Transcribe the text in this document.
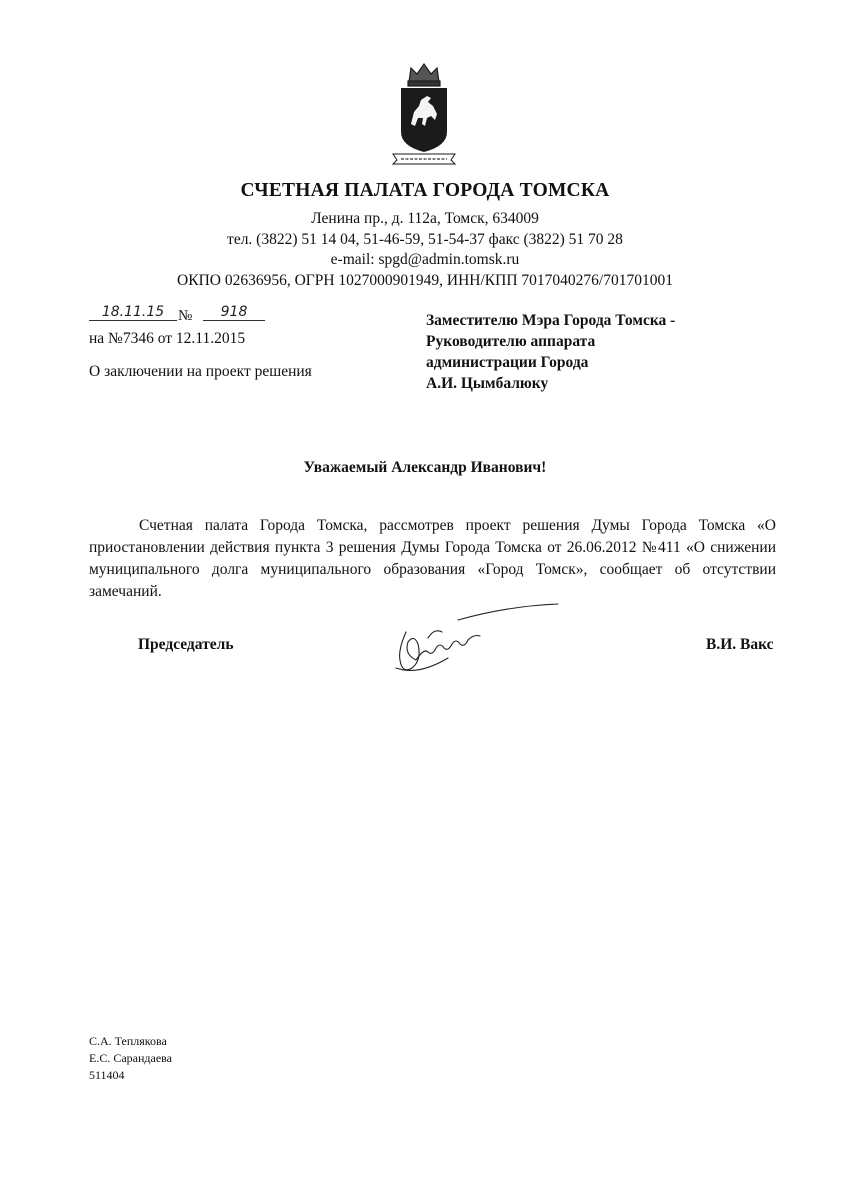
СЧЕТНАЯ ПАЛАТА ГОРОДА ТОМСКА
Ленина пр., д. 112а, Томск, 634009
тел. (3822) 51 14 04, 51-46-59, 51-54-37 факс (3822) 51 70 28
e-mail: spgd@admin.tomsk.ru
ОКПО 02636956, ОГРН 1027000901949, ИНН/КПП 7017040276/701701001
18.11.15 №	918
на №7346 от 12.11.2015
О заключении на проект решения
Заместителю Мэра Города Томска -
Руководителю аппарата
администрации Города
А.И. Цымбалюку
Уважаемый Александр Иванович!
Счетная палата Города Томска, рассмотрев проект решения Думы Города Томска «О приостановлении действия пункта 3 решения Думы Города Томска от 26.06.2012 №411 «О снижении муниципального долга муниципального образования «Город Томск», сообщает об отсутствии замечаний.
Председатель	В.И. Вакс
С.А. Теплякова
Е.С. Сарандаева
511404
